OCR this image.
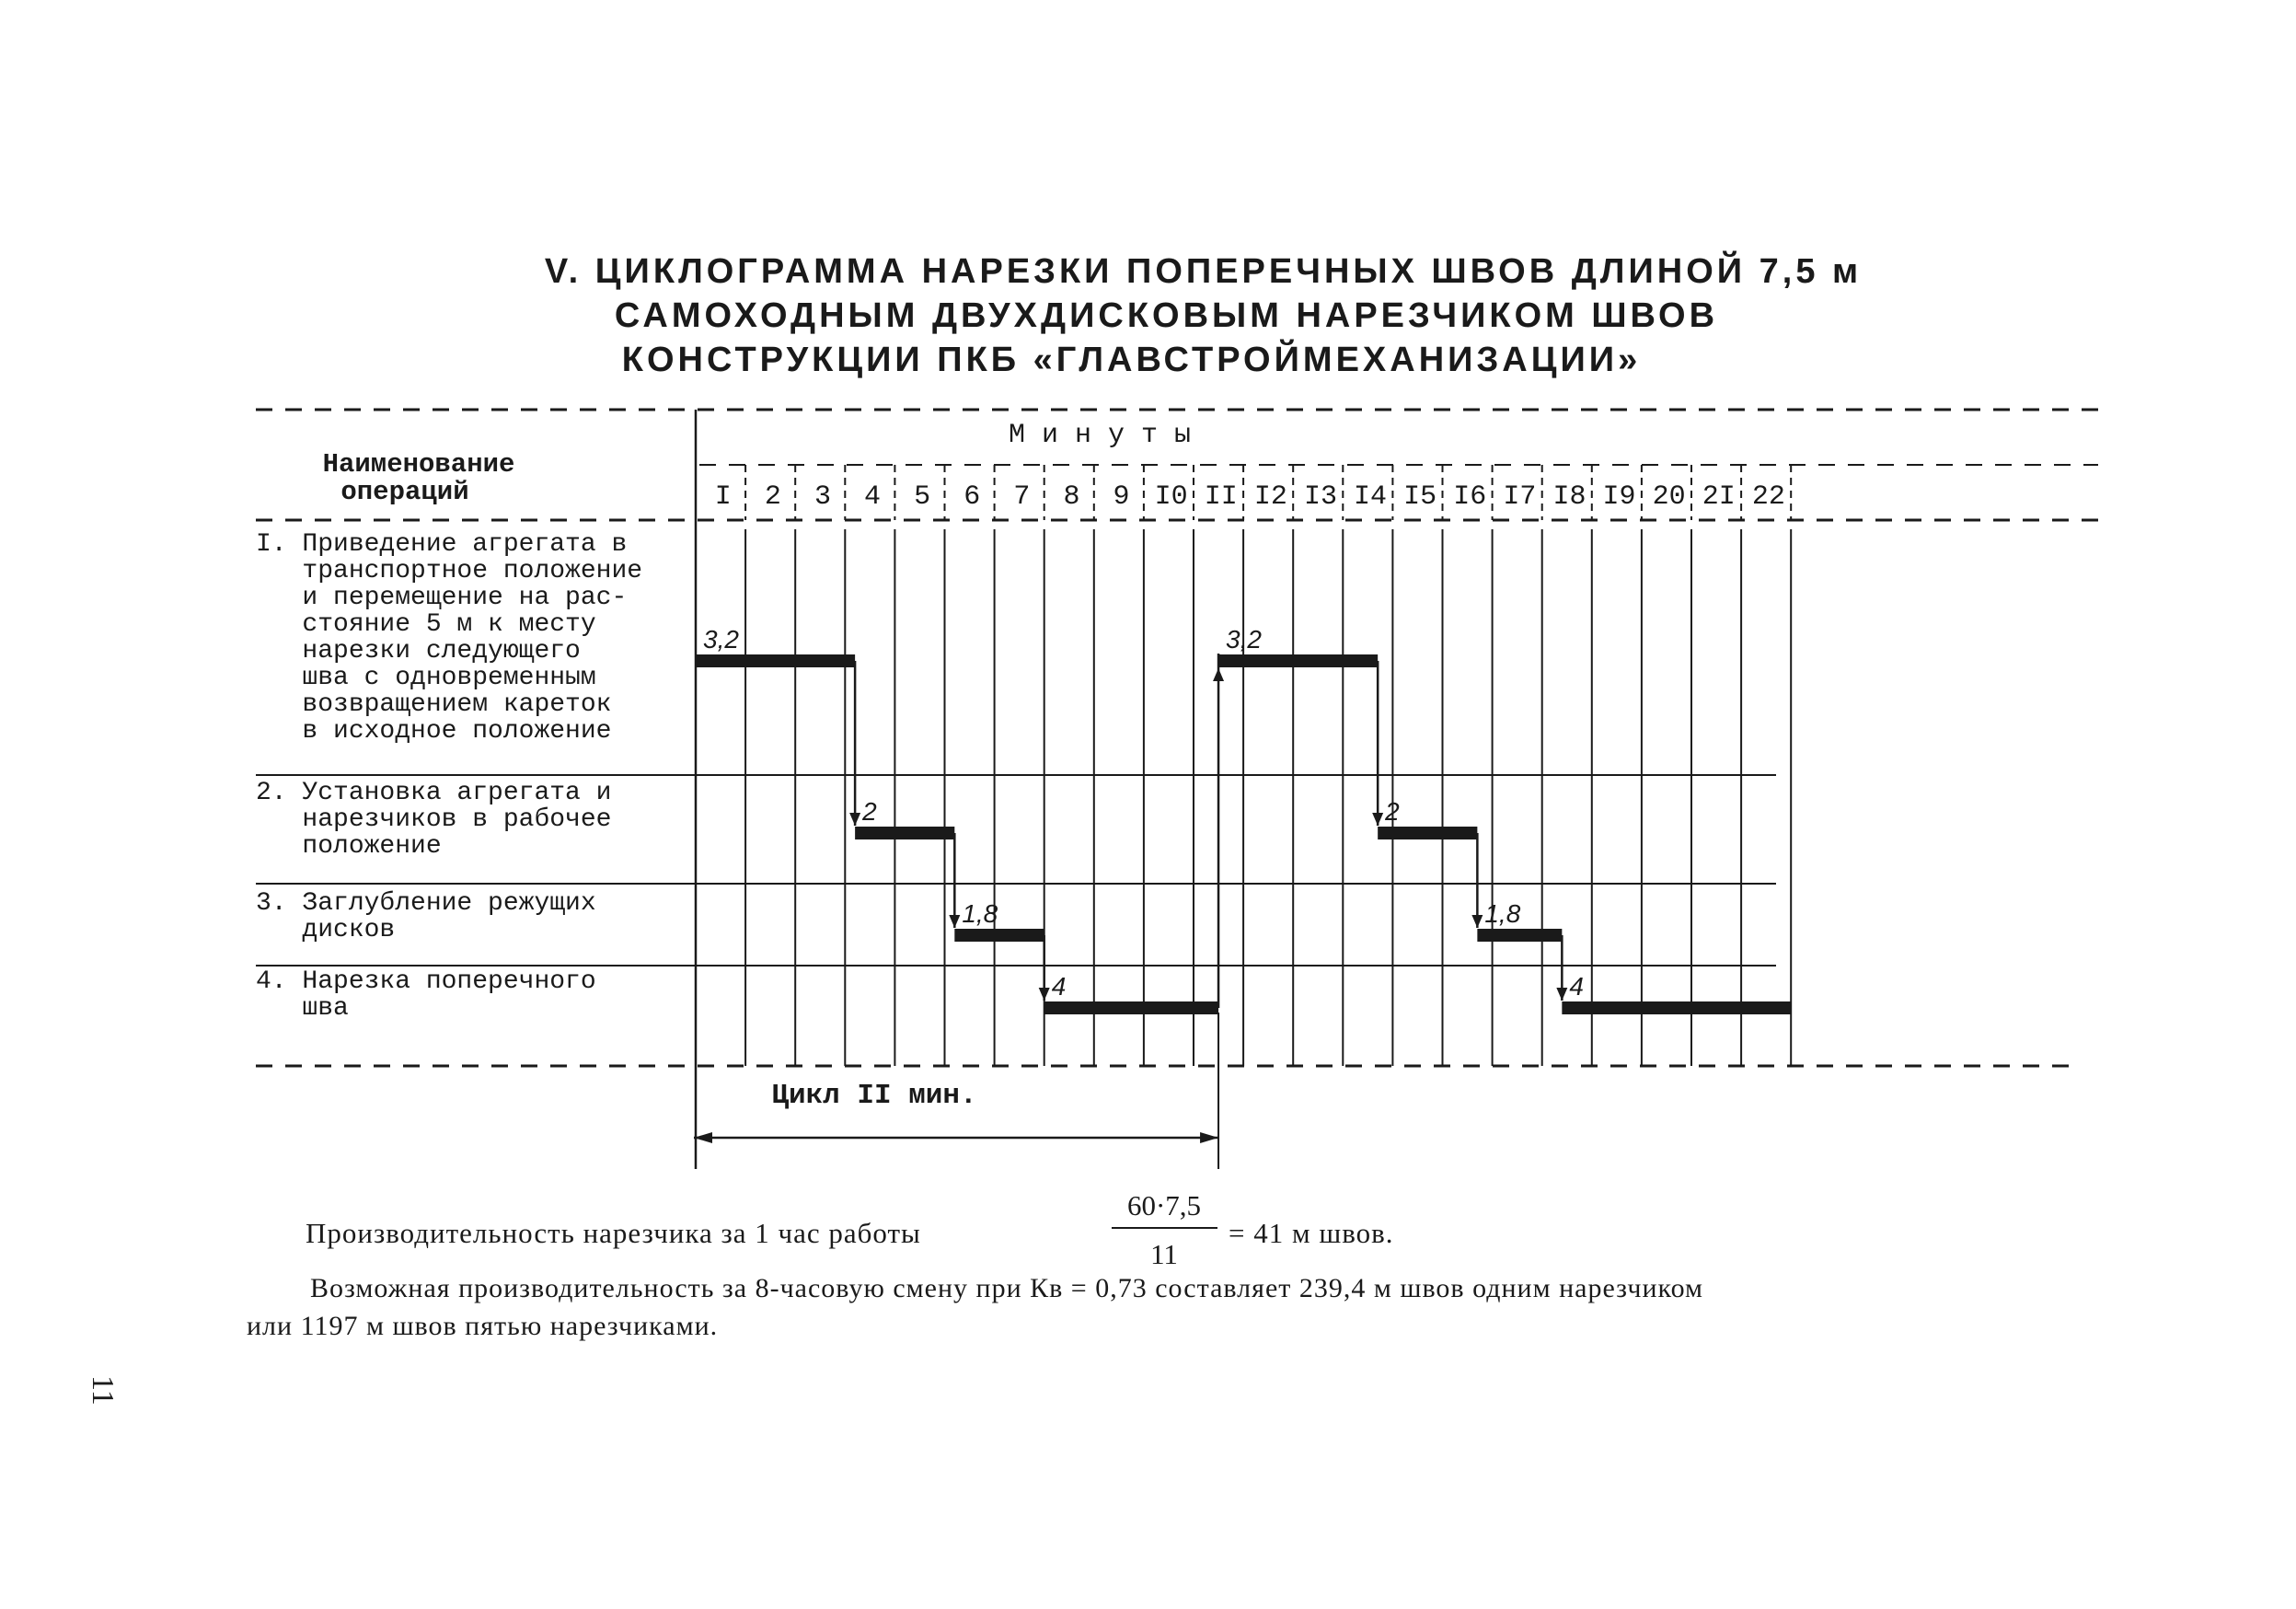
V. ЦИКЛОГРАММА НАРЕЗКИ ПОПЕРЕЧНЫХ ШВОВ ДЛИНОЙ 7,5 м
САМОХОДНЫМ ДВУХДИСКОВЫМ НАРЕЗЧИКОМ ШВОВ
КОНСТРУКЦИИ ПКБ «ГЛАВСТРОЙМЕХАНИЗАЦИИ»
3,2
2
1,8
4
3,2
2
1,8
4
Наименование
операций
М и н у т ы
I. Приведение агрегата в
транспортное положение
и перемещение на рас-
стояние 5 м к месту
нарезки следующего
шва с одновременным
возвращением кареток
в исходное положение
2. Установка агрегата и
нарезчиков в рабочее
положение
3. Заглубление режущих
дисков
4. Нарезка поперечного
шва
I 2 3 4 5 6 7 8 9 I0 II I2 I3 I4 I5 I6 I7 I8 I9 20 2I 22
Цикл II мин.
Производительность нарезчика за 1 час работы
60·7,5
11
= 41 м швов.
Возможная производительность за 8-часовую смену при Кв = 0,73 составляет 239,4 м швов одним нарезчиком
или 1197 м швов пятью нарезчиками.
11
